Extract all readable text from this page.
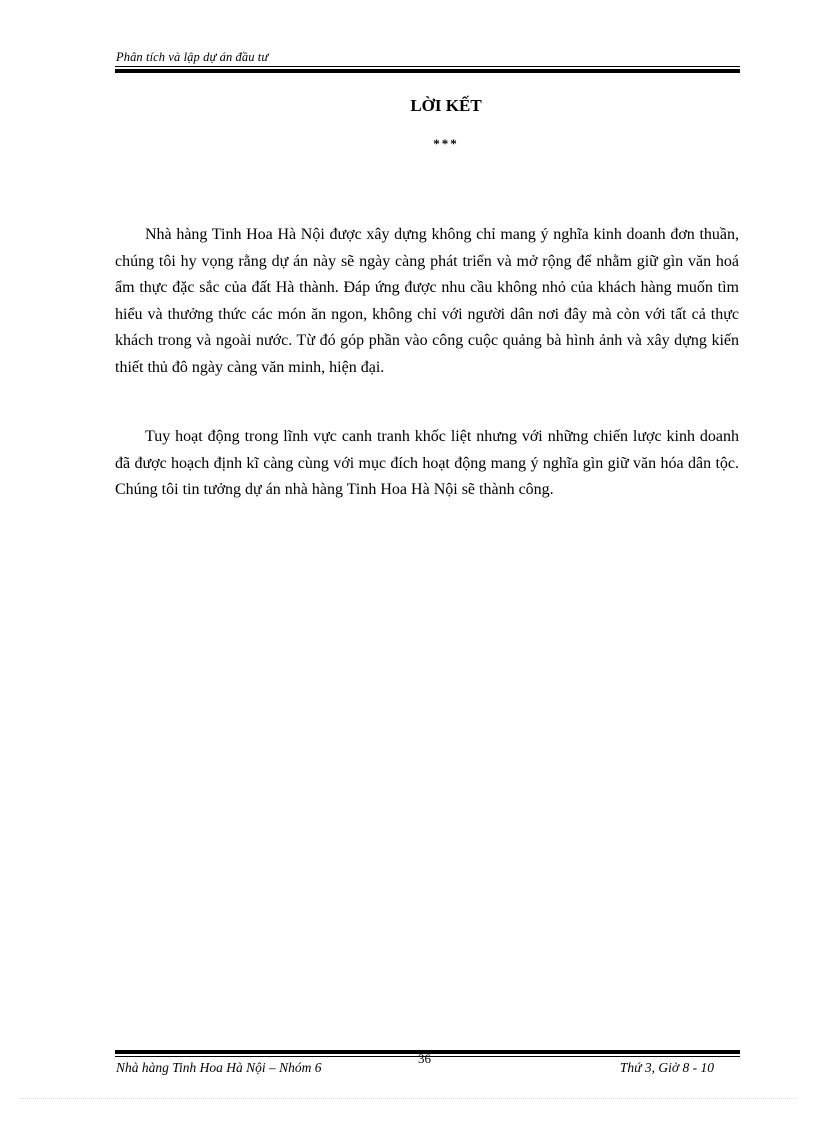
Phân tích và lập dự án đầu tư
LỜI KẾT
***

Nhà hàng Tinh Hoa Hà Nội được xây dựng không chỉ mang ý nghĩa kinh doanh đơn thuần, chúng tôi hy vọng rằng dự án này sẽ ngày càng phát triển và mở rộng để nhằm giữ gìn văn hoá ẩm thực đặc sắc của đất Hà thành. Đáp ứng được nhu cầu không nhỏ của khách hàng muốn tìm hiểu và thưởng thức các món ăn ngon, không chỉ với người dân nơi đây mà còn với tất cả thực khách trong và ngoài nước. Từ đó góp phần vào công cuộc quảng bà hình ảnh và xây dựng kiến thiết thủ đô ngày càng văn minh, hiện đại.

Tuy hoạt động trong lĩnh vực canh tranh khốc liệt nhưng với những chiến lược kinh doanh đã được hoạch định kĩ càng cùng với mục đích hoạt động mang ý nghĩa gìn giữ văn hóa dân tộc. Chúng tôi tin tưởng dự án nhà hàng Tinh Hoa Hà Nội sẽ thành công.

Nhà hàng Tinh Hoa Hà Nội – Nhóm 6
36
Thứ 3, Giờ 8 - 10
